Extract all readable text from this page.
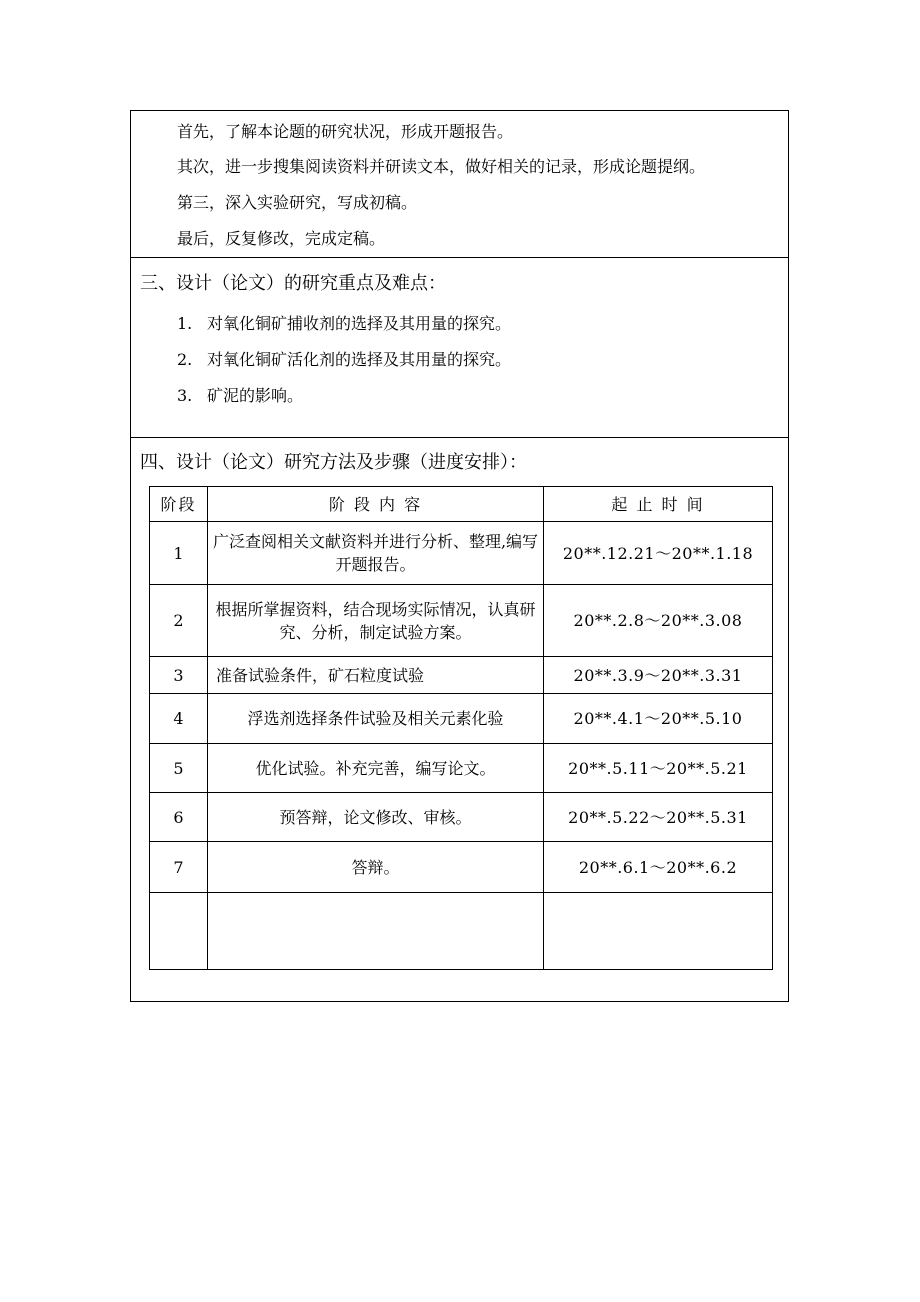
首先，了解本论题的研究状况，形成开题报告。
其次，进一步搜集阅读资料并研读文本，做好相关的记录，形成论题提纲。
第三，深入实验研究，写成初稿。
最后，反复修改，完成定稿。
三、设计（论文）的研究重点及难点：
1. 对氧化铜矿捕收剂的选择及其用量的探究。
2. 对氧化铜矿活化剂的选择及其用量的探究。
3. 矿泥的影响。
四、设计（论文）研究方法及步骤（进度安排）：
阶段	阶 段 内 容	起 止 时 间
1	广泛查阅相关文献资料并进行分析、整理,编写开题报告。	20**.12.21～20**.1.18
2	根据所掌握资料，结合现场实际情况，认真研究、分析，制定试验方案。	20**.2.8～20**.3.08
3	准备试验条件，矿石粒度试验	20**.3.9～20**.3.31
4	浮选剂选择条件试验及相关元素化验	20**.4.1～20**.5.10
5	优化试验。补充完善，编写论文。	20**.5.11～20**.5.21
6	预答辩，论文修改、审核。	20**.5.22～20**.5.31
7	答辩。	20**.6.1～20**.6.2
